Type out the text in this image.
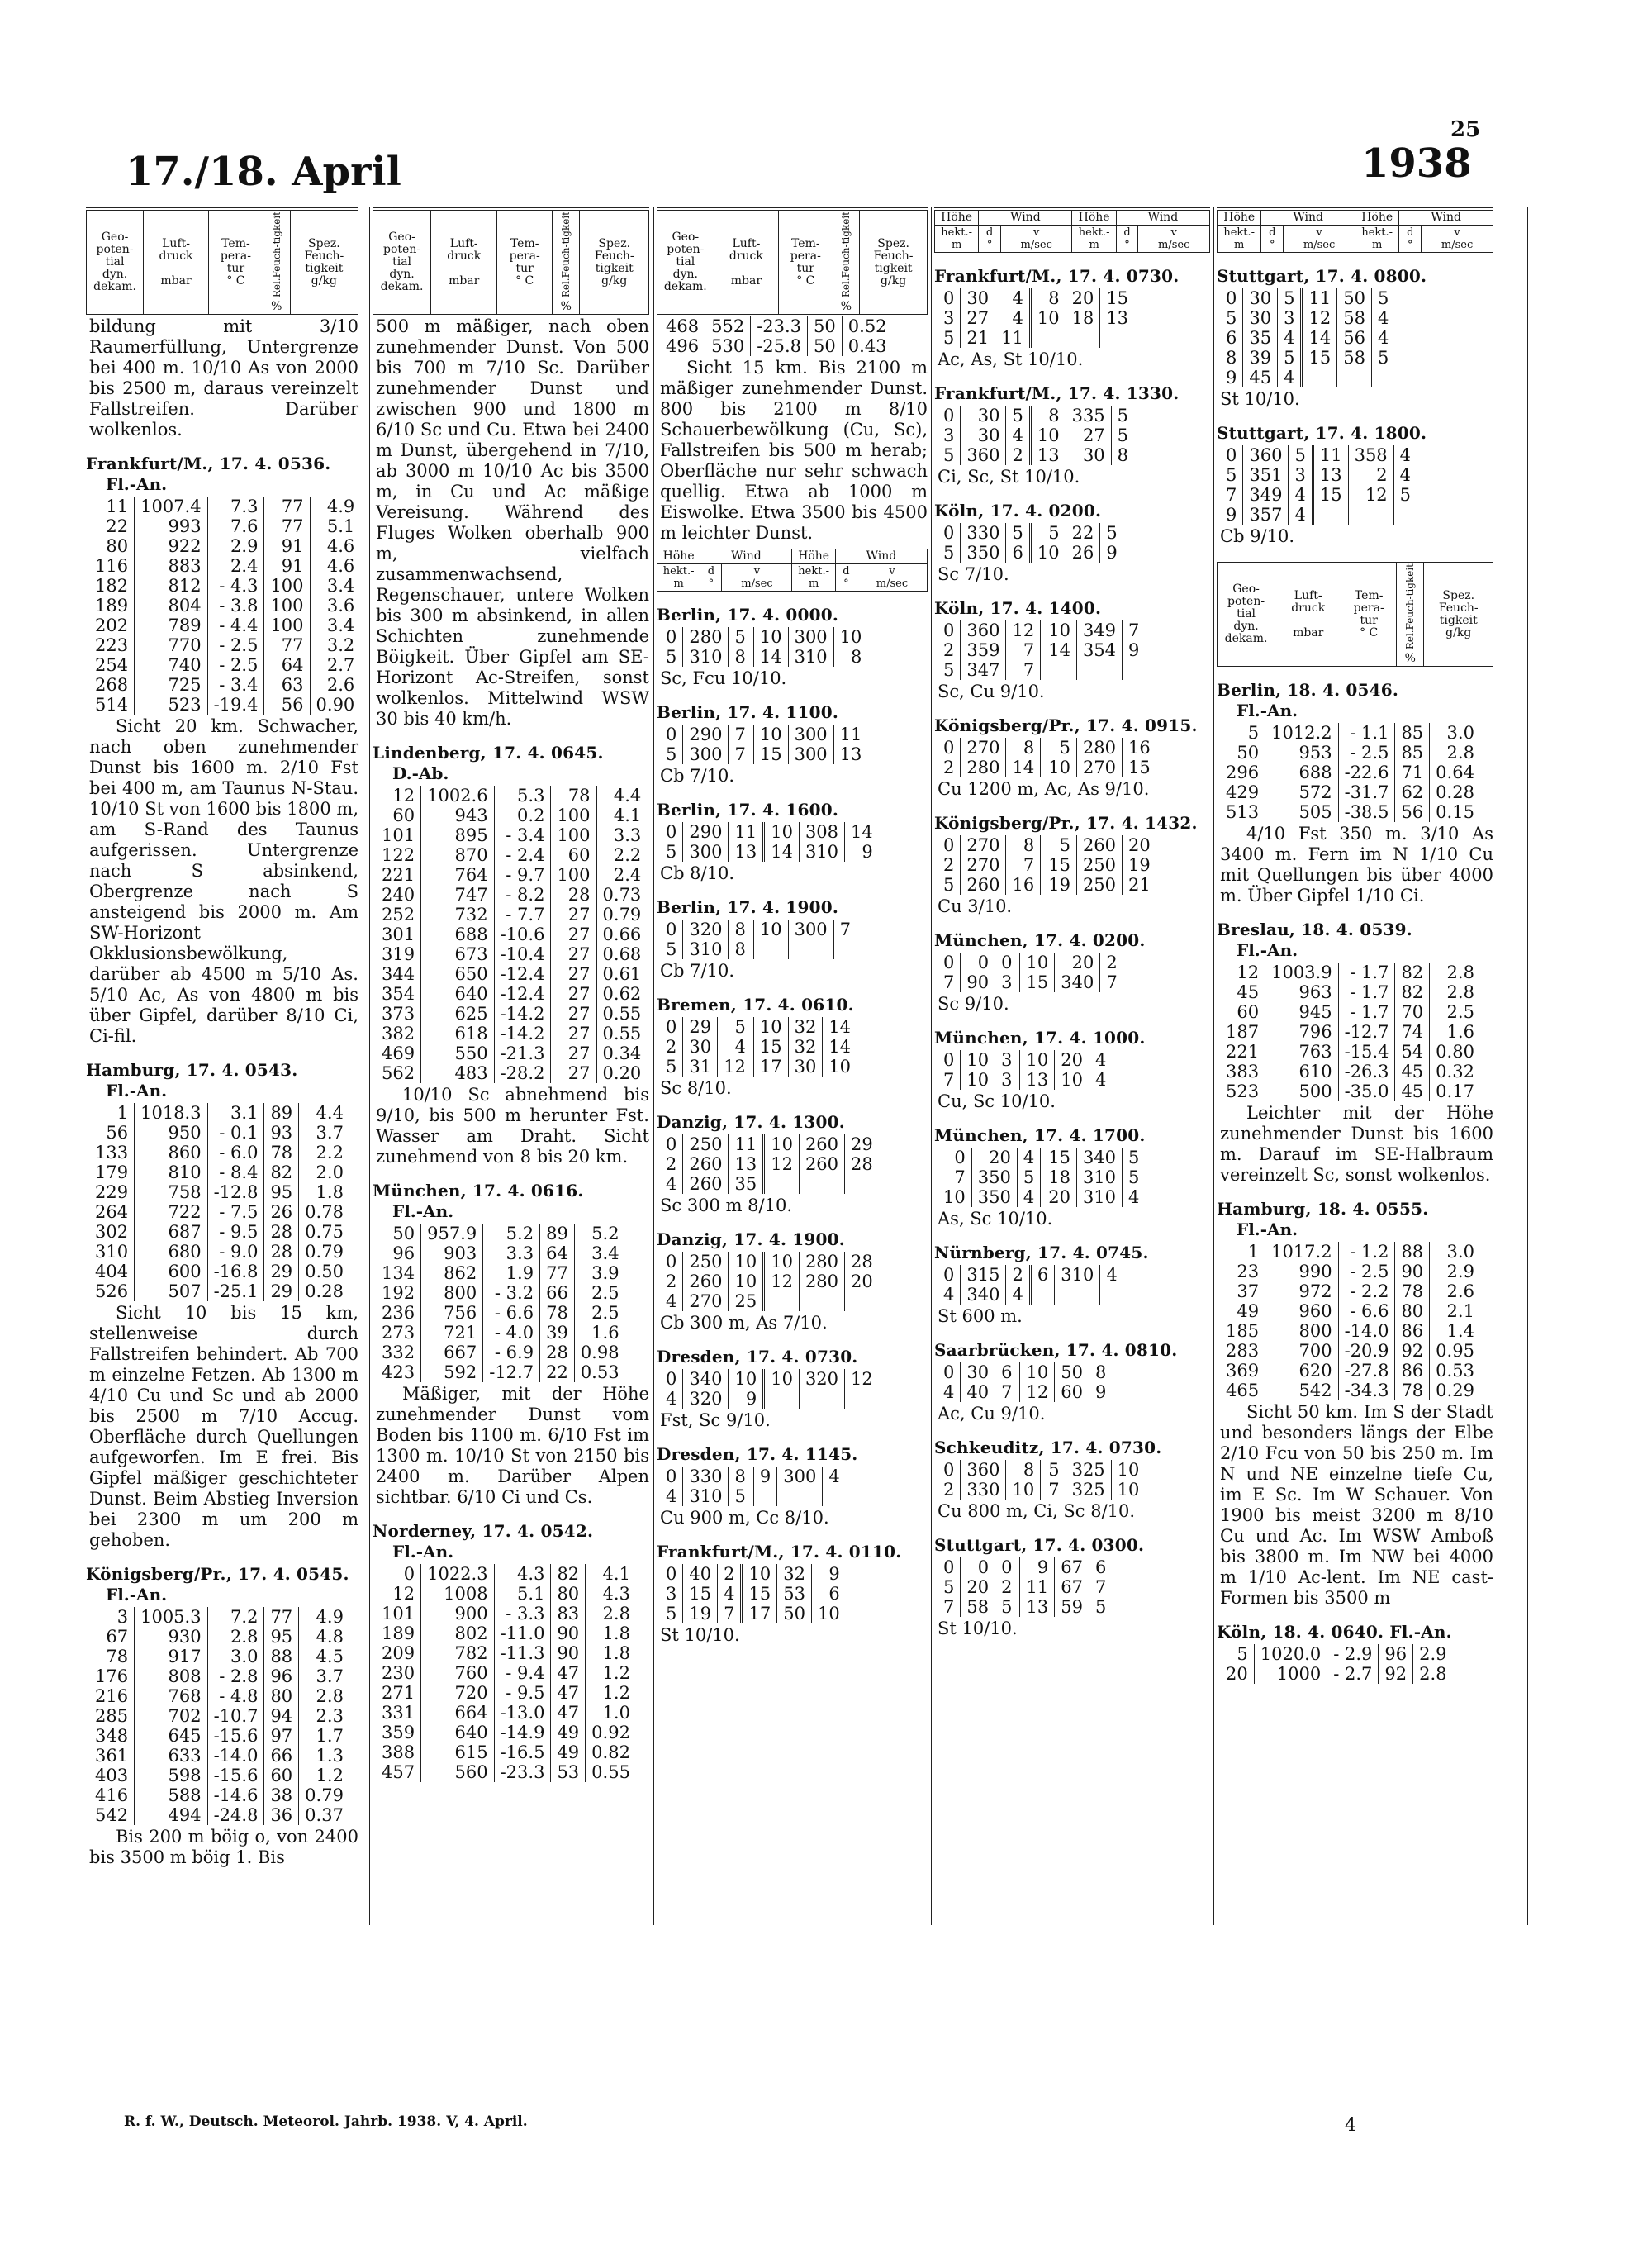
25
17./18. April	1938
Geo-
poten-
tial
dyn.
dekam.	Luft-
druck

mbar	Tem-
pera-
tur
° C	Rel.Feuch-tigkeit
%	Spez.
Feuch-
tigkeit
g/kg
bildung mit 3/10 Raumerfüllung, Untergrenze bei 400 m. 10/10 As von 2000 bis 2500 m, daraus vereinzelt Fallstreifen. Darüber wolkenlos.
Frankfurt/M., 17. 4. 0536.
Fl.-An.
11	1007.4	7.3	77	4.9
22	993	7.6	77	5.1
80	922	2.9	91	4.6
116	883	2.4	91	4.6
182	812	- 4.3	100	3.4
189	804	- 3.8	100	3.6
202	789	- 4.4	100	3.4
223	770	- 2.5	77	3.2
254	740	- 2.5	64	2.7
268	725	- 3.4	63	2.6
514	523	-19.4	56	0.90
Sicht 20 km. Schwacher, nach oben zunehmender Dunst bis 1600 m. 2/10 Fst bei 400 m, am Taunus N-Stau. 10/10 St von 1600 bis 1800 m, am S-Rand des Taunus aufgerissen. Untergrenze nach S absinkend, Obergrenze nach S ansteigend bis 2000 m. Am SW-Horizont Okklusionsbewölkung, darüber ab 4500 m 5/10 As. 5/10 Ac, As von 4800 m bis über Gipfel, darüber 8/10 Ci, Ci-fil.
Hamburg, 17. 4. 0543.
Fl.-An.
1	1018.3	3.1	89	4.4
56	950	- 0.1	93	3.7
133	860	- 6.0	78	2.2
179	810	- 8.4	82	2.0
229	758	-12.8	95	1.8
264	722	- 7.5	26	0.78
302	687	- 9.5	28	0.75
310	680	- 9.0	28	0.79
404	600	-16.8	29	0.50
526	507	-25.1	29	0.28
Sicht 10 bis 15 km, stellenweise durch Fallstreifen behindert. Ab 700 m einzelne Fetzen. Ab 1300 m 4/10 Cu und Sc und ab 2000 bis 2500 m 7/10 Accug. Oberfläche durch Quellungen aufgeworfen. Im E frei. Bis Gipfel mäßiger geschichteter Dunst. Beim Abstieg Inversion bei 2300 m um 200 m gehoben.
Königsberg/Pr., 17. 4. 0545.
Fl.-An.
3	1005.3	7.2	77	4.9
67	930	2.8	95	4.8
78	917	3.0	88	4.5
176	808	- 2.8	96	3.7
216	768	- 4.8	80	2.8
285	702	-10.7	94	2.3
348	645	-15.6	97	1.7
361	633	-14.0	66	1.3
403	598	-15.6	60	1.2
416	588	-14.6	38	0.79
542	494	-24.8	36	0.37
Bis 200 m böig o, von 2400 bis 3500 m böig 1. Bis
Geo-
poten-
tial
dyn.
dekam.	Luft-
druck

mbar	Tem-
pera-
tur
° C	Rel.Feuch-tigkeit
%	Spez.
Feuch-
tigkeit
g/kg
500 m mäßiger, nach oben zunehmender Dunst. Von 500 bis 700 m 7/10 Sc. Darüber zunehmender Dunst und zwischen 900 und 1800 m 6/10 Sc und Cu. Etwa bei 2400 m Dunst, übergehend in 7/10, ab 3000 m 10/10 Ac bis 3500 m, in Cu und Ac mäßige Vereisung. Während des Fluges Wolken oberhalb 900 m, vielfach zusammenwachsend, Regenschauer, untere Wolken bis 300 m absinkend, in allen Schichten zunehmende Böigkeit. Über Gipfel am SE-Horizont Ac-Streifen, sonst wolkenlos. Mittelwind WSW 30 bis 40 km/h.
Lindenberg, 17. 4. 0645.
D.-Ab.
12	1002.6	5.3	78	4.4
60	943	0.2	100	4.1
101	895	- 3.4	100	3.3
122	870	- 2.4	60	2.2
221	764	- 9.7	100	2.4
240	747	- 8.2	28	0.73
252	732	- 7.7	27	0.79
301	688	-10.6	27	0.66
319	673	-10.4	27	0.68
344	650	-12.4	27	0.61
354	640	-12.4	27	0.62
373	625	-14.2	27	0.55
382	618	-14.2	27	0.55
469	550	-21.3	27	0.34
562	483	-28.2	27	0.20
10/10 Sc abnehmend bis 9/10, bis 500 m herunter Fst. Wasser am Draht. Sicht zunehmend von 8 bis 20 km.
München, 17. 4. 0616.
Fl.-An.
50	957.9	5.2	89	5.2
96	903	3.3	64	3.4
134	862	1.9	77	3.9
192	800	- 3.2	66	2.5
236	756	- 6.6	78	2.5
273	721	- 4.0	39	1.6
332	667	- 6.9	28	0.98
423	592	-12.7	22	0.53
Mäßiger, mit der Höhe zunehmender Dunst vom Boden bis 1100 m. 6/10 Fst im 1300 m. 10/10 St von 2150 bis 2400 m. Darüber Alpen sichtbar. 6/10 Ci und Cs.
Norderney, 17. 4. 0542.
Fl.-An.
0	1022.3	4.3	82	4.1
12	1008	5.1	80	4.3
101	900	- 3.3	83	2.8
189	802	-11.0	90	1.8
209	782	-11.3	90	1.8
230	760	- 9.4	47	1.2
271	720	- 9.5	47	1.2
331	664	-13.0	47	1.0
359	640	-14.9	49	0.92
388	615	-16.5	49	0.82
457	560	-23.3	53	0.55
Geo-
poten-
tial
dyn.
dekam.	Luft-
druck

mbar	Tem-
pera-
tur
° C	Rel.Feuch-tigkeit
%	Spez.
Feuch-
tigkeit
g/kg
468	552	-23.3	50	0.52
496	530	-25.8	50	0.43
Sicht 15 km. Bis 2100 m mäßiger zunehmender Dunst. 800 bis 2100 m 8/10 Schauerbewölkung (Cu, Sc), Fallstreifen bis 500 m herab; Oberfläche nur sehr schwach quellig. Etwa ab 1000 m Eiswolke. Etwa 3500 bis 4500 m leichter Dunst.
Höhe	Wind		Höhe	Wind	

hekt.-
m	d
°	v
m/sec	hekt.-
m	d
°	v
m/sec
Berlin, 17. 4. 0000.
0	280	5	10	300	10
5	310	8	14	310	8
Sc, Fcu 10/10.
Berlin, 17. 4. 1100.
0	290	7	10	300	11
5	300	7	15	300	13
Cb 7/10.
Berlin, 17. 4. 1600.
0	290	11	10	308	14
5	300	13	14	310	9
Cb 8/10.
Berlin, 17. 4. 1900.
0	320	8	10	300	7
5	310	8			
Cb 7/10.
Bremen, 17. 4. 0610.
0	29	5	10	32	14
2	30	4	15	32	14
5	31	12	17	30	10
Sc 8/10.
Danzig, 17. 4. 1300.
0	250	11	10	260	29
2	260	13	12	260	28
4	260	35			
Sc 300 m 8/10.
Danzig, 17. 4. 1900.
0	250	10	10	280	28
2	260	10	12	280	20
4	270	25			
Cb 300 m, As 7/10.
Dresden, 17. 4. 0730.
0	340	10	10	320	12
4	320	9			
Fst, Sc 9/10.
Dresden, 17. 4. 1145.
0	330	8	9	300	4
4	310	5			
Cu 900 m, Cc 8/10.
Frankfurt/M., 17. 4. 0110.
0	40	2	10	32	9
3	15	4	15	53	6
5	19	7	17	50	10
St 10/10.
Höhe	Wind		Höhe	Wind	
hekt.-
m	d
°	v
m/sec	hekt.-
m	d
°	v
m/sec
Frankfurt/M., 17. 4. 0730.
0	30	4	8	20	15
3	27	4	10	18	13
5	21	11			
Ac, As, St 10/10.
Frankfurt/M., 17. 4. 1330.
0	30	5	8	335	5
3	30	4	10	27	5
5	360	2	13	30	8
Ci, Sc, St 10/10.
Köln, 17. 4. 0200.
0	330	5	5	22	5
5	350	6	10	26	9
Sc 7/10.
Köln, 17. 4. 1400.
0	360	12	10	349	7
2	359	7	14	354	9
5	347	7			
Sc, Cu 9/10.
Königsberg/Pr., 17. 4. 0915.
0	270	8	5	280	16
2	280	14	10	270	15
Cu 1200 m, Ac, As 9/10.
Königsberg/Pr., 17. 4. 1432.
0	270	8	5	260	20
2	270	7	15	250	19
5	260	16	19	250	21
Cu 3/10.
München, 17. 4. 0200.
0	0	0	10	20	2
7	90	3	15	340	7
Sc 9/10.
München, 17. 4. 1000.
0	10	3	10	20	4
7	10	3	13	10	4
Cu, Sc 10/10.
München, 17. 4. 1700.
0	20	4	15	340	5
7	350	5	18	310	5
10	350	4	20	310	4
As, Sc 10/10.
Nürnberg, 17. 4. 0745.
0	315	2	6	310	4
4	340	4			
St 600 m.
Saarbrücken, 17. 4. 0810.
0	30	6	10	50	8
4	40	7	12	60	9
Ac, Cu 9/10.
Schkeuditz, 17. 4. 0730.
0	360	8	5	325	10
2	330	10	7	325	10
Cu 800 m, Ci, Sc 8/10.
Stuttgart, 17. 4. 0300.
0	0	0	9	67	6
5	20	2	11	67	7
7	58	5	13	59	5
St 10/10.
Höhe	Wind		Höhe	Wind	
hekt.-
m	d
°	v
m/sec	hekt.-
m	d
°	v
m/sec
Stuttgart, 17. 4. 0800.
0	30	5	11	50	5
5	30	3	12	58	4
6	35	4	14	56	4
8	39	5	15	58	5
9	45	4			
St 10/10.
Stuttgart, 17. 4. 1800.
0	360	5	11	358	4
5	351	3	13	2	4
7	349	4	15	12	5
9	357	4			
Cb 9/10.
Geo-
poten-
tial
dyn.
dekam.	Luft-
druck

mbar	Tem-
pera-
tur
° C	Rel.Feuch-tigkeit
%	Spez.
Feuch-
tigkeit
g/kg
Berlin, 18. 4. 0546.
Fl.-An.
5	1012.2	- 1.1	85	3.0
50	953	- 2.5	85	2.8
296	688	-22.6	71	0.64
429	572	-31.7	62	0.28
513	505	-38.5	56	0.15
4/10 Fst 350 m. 3/10 As 3400 m. Fern im N 1/10 Cu mit Quellungen bis über 4000 m. Über Gipfel 1/10 Ci.
Breslau, 18. 4. 0539.
Fl.-An.
12	1003.9	- 1.7	82	2.8
45	963	- 1.7	82	2.8
60	945	- 1.7	70	2.5
187	796	-12.7	74	1.6
221	763	-15.4	54	0.80
383	610	-26.3	45	0.32
523	500	-35.0	45	0.17
Leichter mit der Höhe zunehmender Dunst bis 1600 m. Darauf im SE-Halbraum vereinzelt Sc, sonst wolkenlos.
Hamburg, 18. 4. 0555.
Fl.-An.
1	1017.2	- 1.2	88	3.0
23	990	- 2.5	90	2.9
37	972	- 2.2	78	2.6
49	960	- 6.6	80	2.1
185	800	-14.0	86	1.4
283	700	-20.9	92	0.95
369	620	-27.8	86	0.53
465	542	-34.3	78	0.29
Sicht 50 km. Im S der Stadt und besonders längs der Elbe 2/10 Fcu von 50 bis 250 m. Im N und NE einzelne tiefe Cu, im E Sc. Im W Schauer. Von 1900 bis meist 3200 m 8/10 Cu und Ac. Im WSW Amboß bis 3800 m. Im NW bei 4000 m 1/10 Ac-lent. Im NE cast-Formen bis 3500 m
Köln, 18. 4. 0640. Fl.-An.
5	1020.0	- 2.9	96	2.9
20	1000	- 2.7	92	2.8
R. f. W., Deutsch. Meteorol. Jahrb. 1938. V, 4. April.	4
